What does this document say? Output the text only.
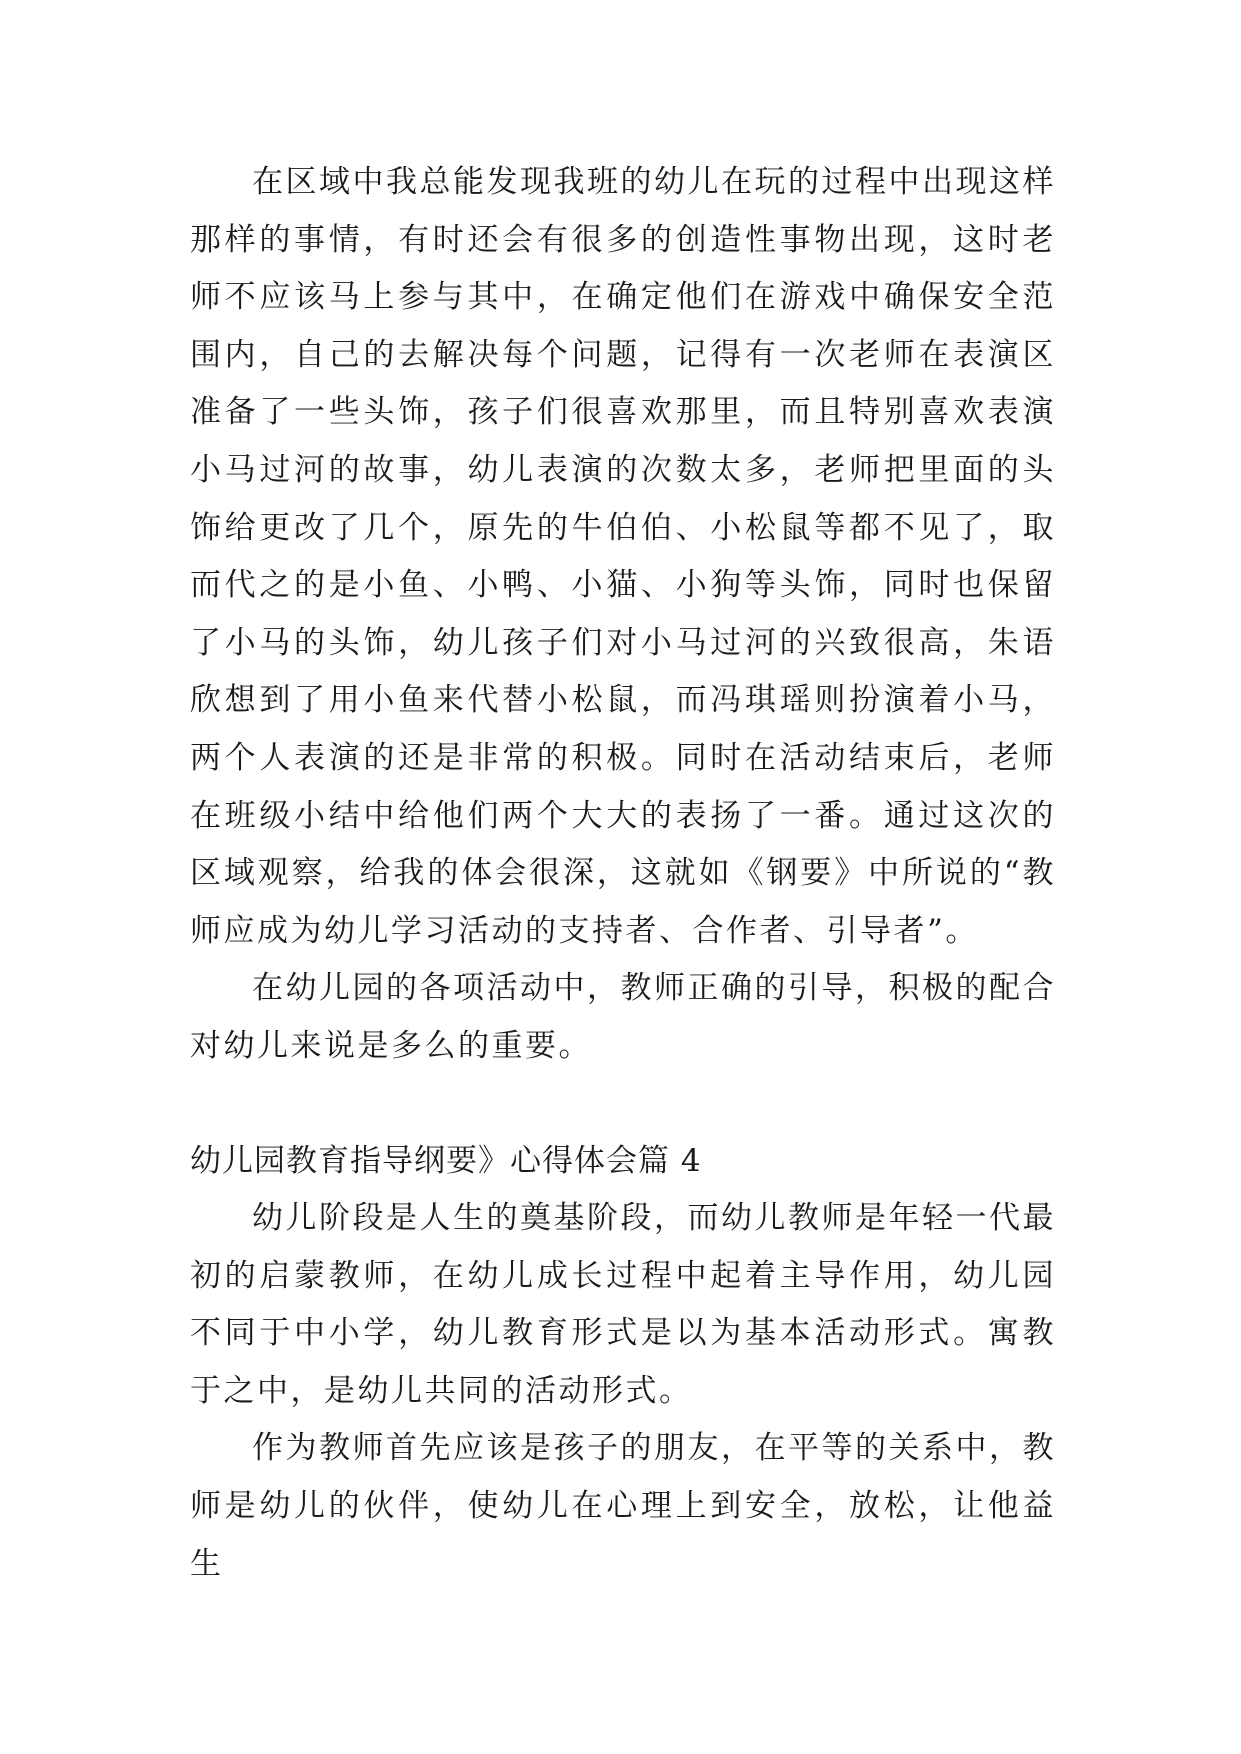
在区域中我总能发现我班的幼儿在玩的过程中出现这样那样的事情，有时还会有很多的创造性事物出现，这时老师不应该马上参与其中，在确定他们在游戏中确保安全范围内，自己的去解决每个问题，记得有一次老师在表演区准备了一些头饰，孩子们很喜欢那里，而且特别喜欢表演小马过河的故事，幼儿表演的次数太多，老师把里面的头饰给更改了几个，原先的牛伯伯、小松鼠等都不见了，取而代之的是小鱼、小鸭、小猫、小狗等头饰，同时也保留了小马的头饰，幼儿孩子们对小马过河的兴致很高，朱语欣想到了用小鱼来代替小松鼠，而冯琪瑶则扮演着小马，两个人表演的还是非常的积极。同时在活动结束后，老师在班级小结中给他们两个大大的表扬了一番。通过这次的区域观察，给我的体会很深，这就如《钢要》中所说的“教师应成为幼儿学习活动的支持者、合作者、引导者”。

在幼儿园的各项活动中，教师正确的引导，积极的配合对幼儿来说是多么的重要。

幼儿园教育指导纲要》心得体会篇 4

幼儿阶段是人生的奠基阶段，而幼儿教师是年轻一代最初的启蒙教师，在幼儿成长过程中起着主导作用，幼儿园不同于中小学，幼儿教育形式是以为基本活动形式。寓教于之中，是幼儿共同的活动形式。

作为教师首先应该是孩子的朋友，在平等的关系中，教师是幼儿的伙伴，使幼儿在心理上到安全，放松，让他益生
